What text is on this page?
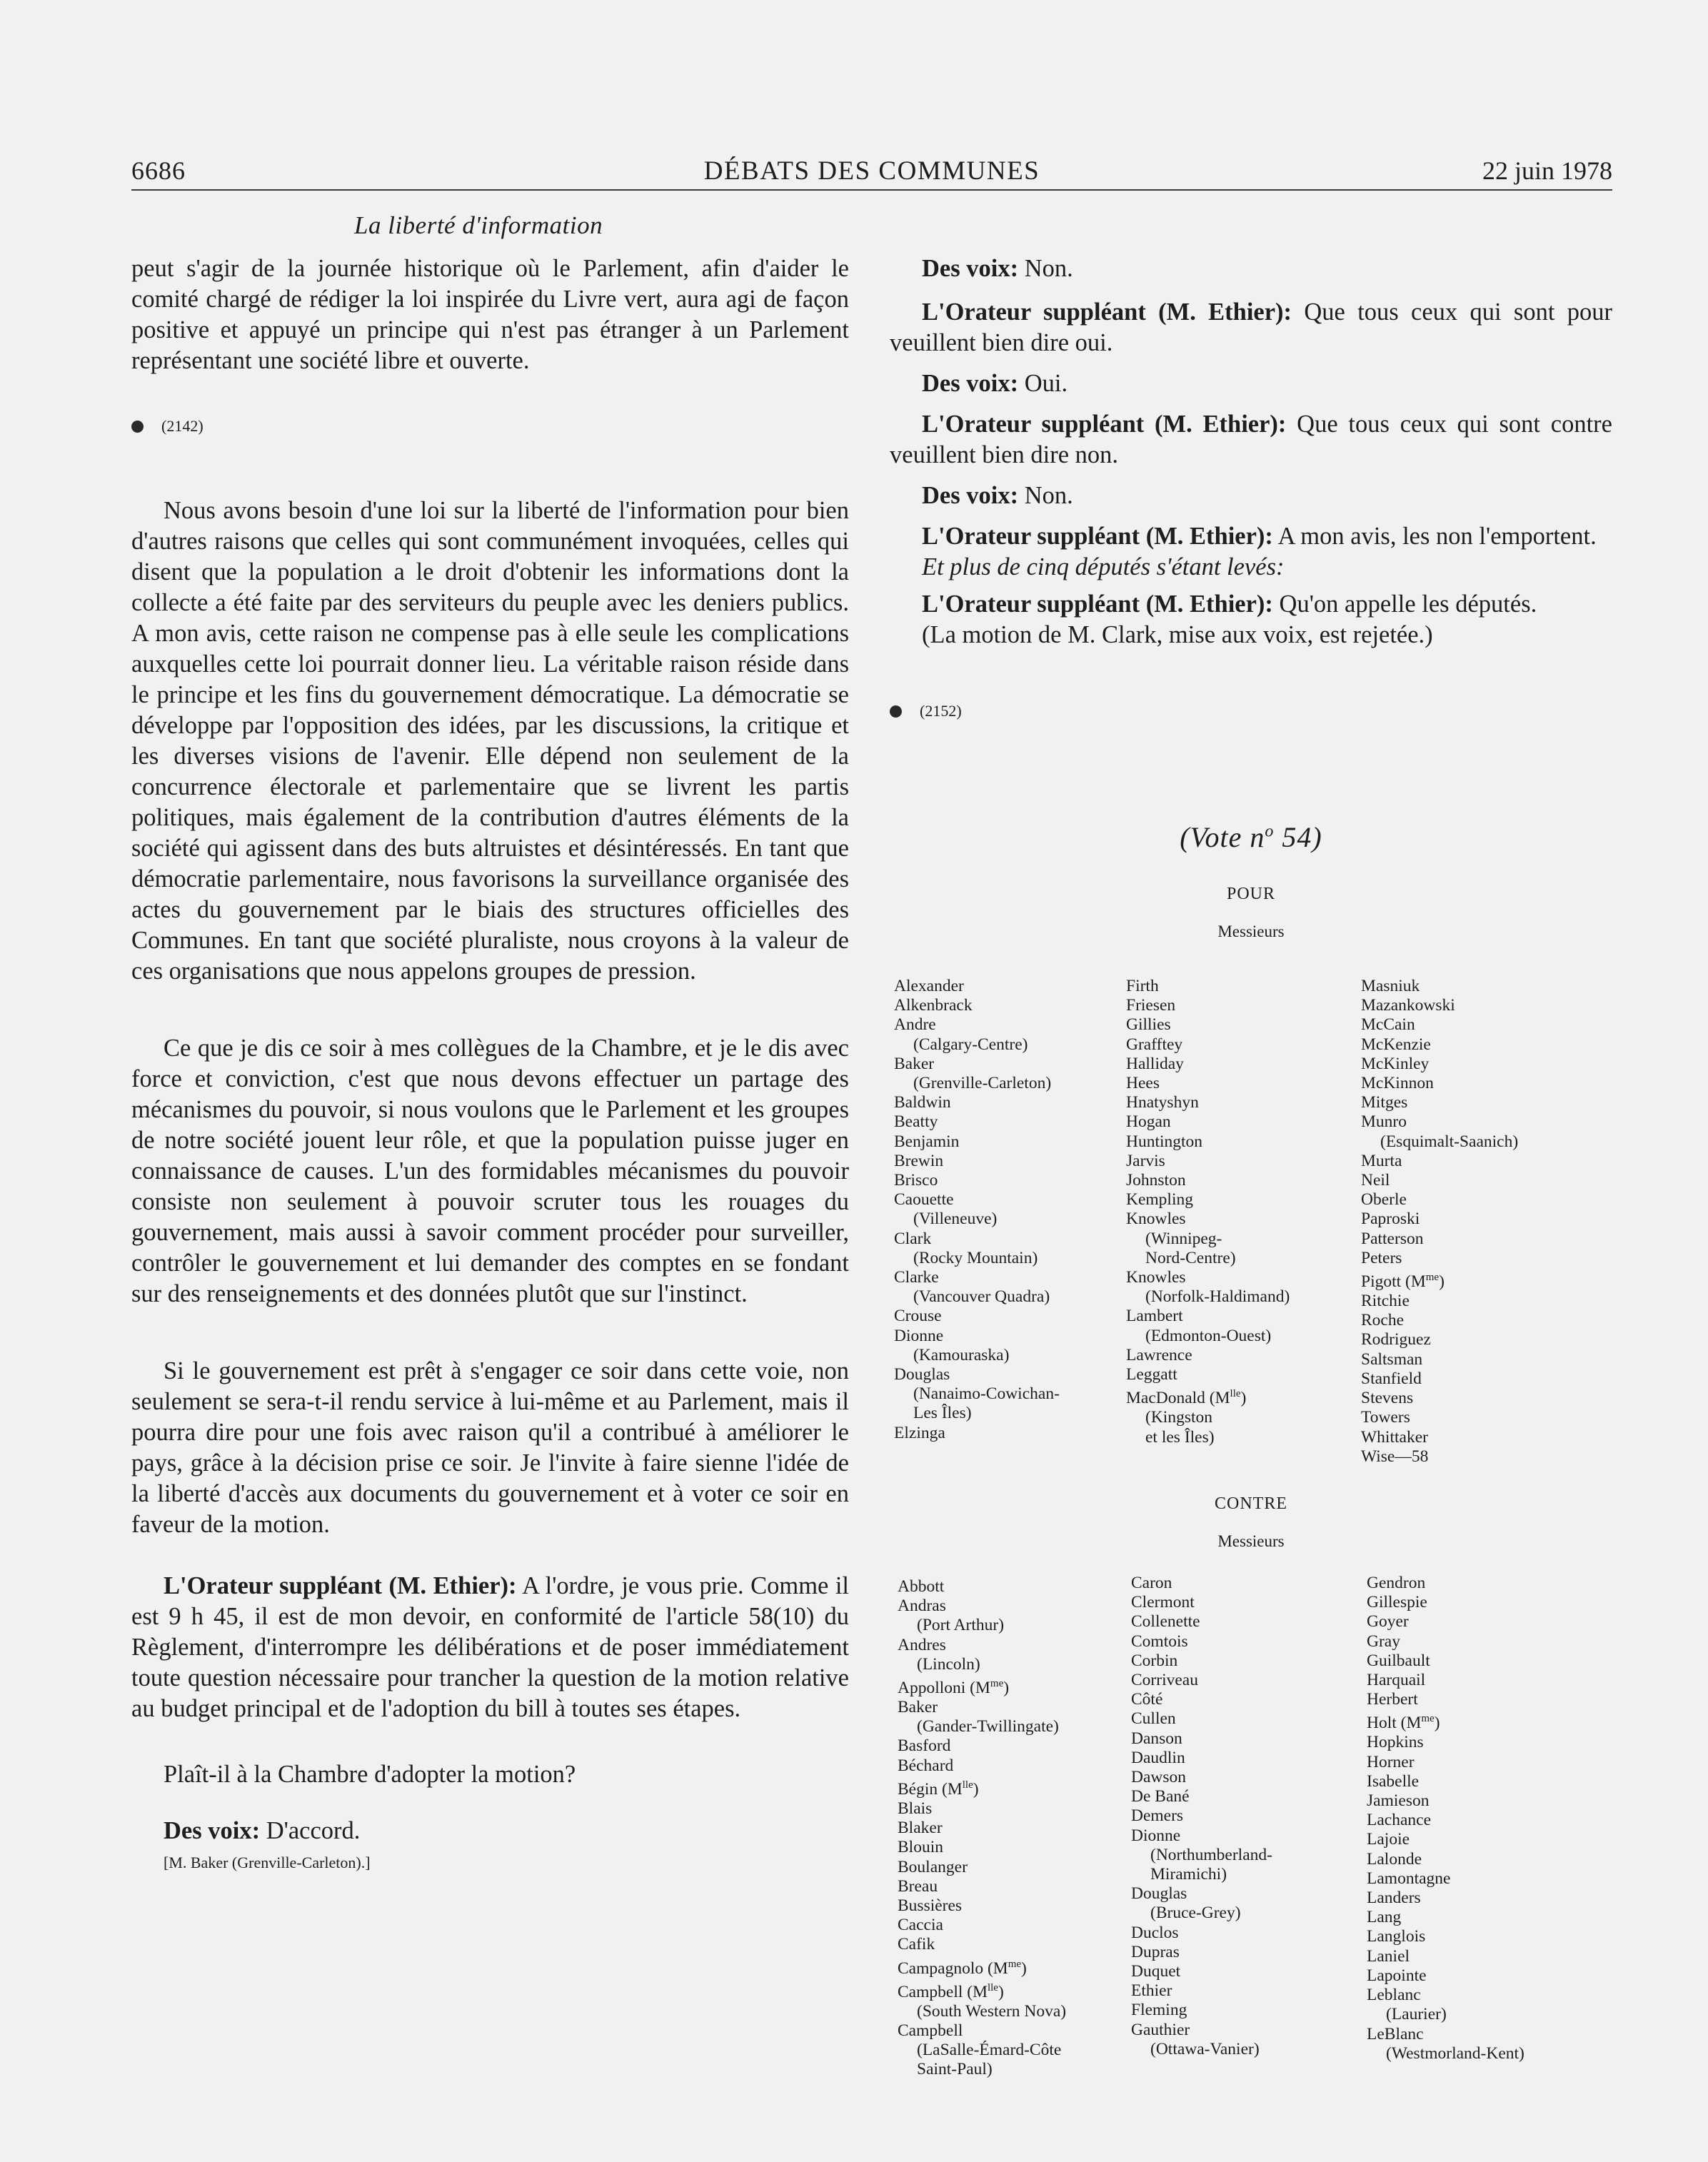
6686	DÉBATS DES COMMUNES	22 juin 1978
La liberté d'information

peut s'agir de la journée historique où le Parlement, afin d'aider le comité chargé de rédiger la loi inspirée du Livre vert, aura agi de façon positive et appuyé un principe qui n'est pas étranger à un Parlement représentant une société libre et ouverte.

(2142)

Nous avons besoin d'une loi sur la liberté de l'information pour bien d'autres raisons que celles qui sont communément invoquées, celles qui disent que la population a le droit d'obtenir les informations dont la collecte a été faite par des serviteurs du peuple avec les deniers publics. A mon avis, cette raison ne compense pas à elle seule les complications auxquelles cette loi pourrait donner lieu. La véritable raison réside dans le principe et les fins du gouvernement démocratique. La démocratie se développe par l'opposition des idées, par les discussions, la critique et les diverses visions de l'avenir. Elle dépend non seulement de la concurrence électorale et parlementaire que se livrent les partis politiques, mais également de la contribution d'autres éléments de la société qui agissent dans des buts altruistes et désintéressés. En tant que démocratie parlementaire, nous favorisons la surveillance organisée des actes du gouvernement par le biais des structures officielles des Communes. En tant que société pluraliste, nous croyons à la valeur de ces organisations que nous appelons groupes de pression.

Ce que je dis ce soir à mes collègues de la Chambre, et je le dis avec force et conviction, c'est que nous devons effectuer un partage des mécanismes du pouvoir, si nous voulons que le Parlement et les groupes de notre société jouent leur rôle, et que la population puisse juger en connaissance de causes. L'un des formidables mécanismes du pouvoir consiste non seulement à pouvoir scruter tous les rouages du gouvernement, mais aussi à savoir comment procéder pour surveiller, contrôler le gouvernement et lui demander des comptes en se fondant sur des renseignements et des données plutôt que sur l'instinct.

Si le gouvernement est prêt à s'engager ce soir dans cette voie, non seulement se sera-t-il rendu service à lui-même et au Parlement, mais il pourra dire pour une fois avec raison qu'il a contribué à améliorer le pays, grâce à la décision prise ce soir. Je l'invite à faire sienne l'idée de la liberté d'accès aux documents du gouvernement et à voter ce soir en faveur de la motion.

L'Orateur suppléant (M. Ethier): A l'ordre, je vous prie. Comme il est 9 h 45, il est de mon devoir, en conformité de l'article 58(10) du Règlement, d'interrompre les délibérations et de poser immédiatement toute question nécessaire pour trancher la question de la motion relative au budget principal et de l'adoption du bill à toutes ses étapes.

Plaît-il à la Chambre d'adopter la motion?

Des voix: D'accord.

[M. Baker (Grenville-Carleton).]

Des voix: Non.

L'Orateur suppléant (M. Ethier): Que tous ceux qui sont pour veuillent bien dire oui.

Des voix: Oui.

L'Orateur suppléant (M. Ethier): Que tous ceux qui sont contre veuillent bien dire non.

Des voix: Non.

L'Orateur suppléant (M. Ethier): A mon avis, les non l'emportent.

Et plus de cinq députés s'étant levés:

L'Orateur suppléant (M. Ethier): Qu'on appelle les députés.

(La motion de M. Clark, mise aux voix, est rejetée.)

(2152)
(Vote $n^o$ 54)
POUR
Messieurs
Alexander
Alkenbrack
Andre
(Calgary-Centre)
Baker
(Grenville-Carleton)
Baldwin
Beatty
Benjamin
Brewin
Brisco
Caouette
(Villeneuve)
Clark
(Rocky Mountain)
Clarke
(Vancouver Quadra)
Crouse
Dionne
(Kamouraska)
Douglas
(Nanaimo-Cowichan-
Les Îles)
Elzinga
Firth
Friesen
Gillies
Grafftey
Halliday
Hees
Hnatyshyn
Hogan
Huntington
Jarvis
Johnston
Kempling
Knowles
(Winnipeg-
Nord-Centre)
Knowles
(Norfolk-Haldimand)
Lambert
(Edmonton-Ouest)
Lawrence
Leggatt
MacDonald $(M^{lle})$
(Kingston
et les Îles)
Masniuk
Mazankowski
McCain
McKenzie
McKinley
McKinnon
Mitges
Munro
(Esquimalt-Saanich)
Murta
Neil
Oberle
Paproski
Patterson
Peters
Pigott $(M^{me})$
Ritchie
Roche
Rodriguez
Saltsman
Stanfield
Stevens
Towers
Whittaker
Wise—58
CONTRE
Messieurs
Abbott
Andras
(Port Arthur)
Andres
(Lincoln)
Appolloni $(M^{me})$
Baker
(Gander-Twillingate)
Basford
Béchard
Bégin $(M^{lle})$
Blais
Blaker
Blouin
Boulanger
Breau
Bussières
Caccia
Cafik
Campagnolo $(M^{me})$
Campbell $(M^{lle})$
(South Western Nova)
Campbell
(LaSalle-Émard-Côte
Saint-Paul)
Caron
Clermont
Collenette
Comtois
Corbin
Corriveau
Côté
Cullen
Danson
Daudlin
Dawson
De Bané
Demers
Dionne
(Northumberland-
Miramichi)
Douglas
(Bruce-Grey)
Duclos
Dupras
Duquet
Ethier
Fleming
Gauthier
(Ottawa-Vanier)
Gendron
Gillespie
Goyer
Gray
Guilbault
Harquail
Herbert
Holt $(M^{me})$
Hopkins
Horner
Isabelle
Jamieson
Lachance
Lajoie
Lalonde
Lamontagne
Landers
Lang
Langlois
Laniel
Lapointe
Leblanc
(Laurier)
LeBlanc
(Westmorland-Kent)
